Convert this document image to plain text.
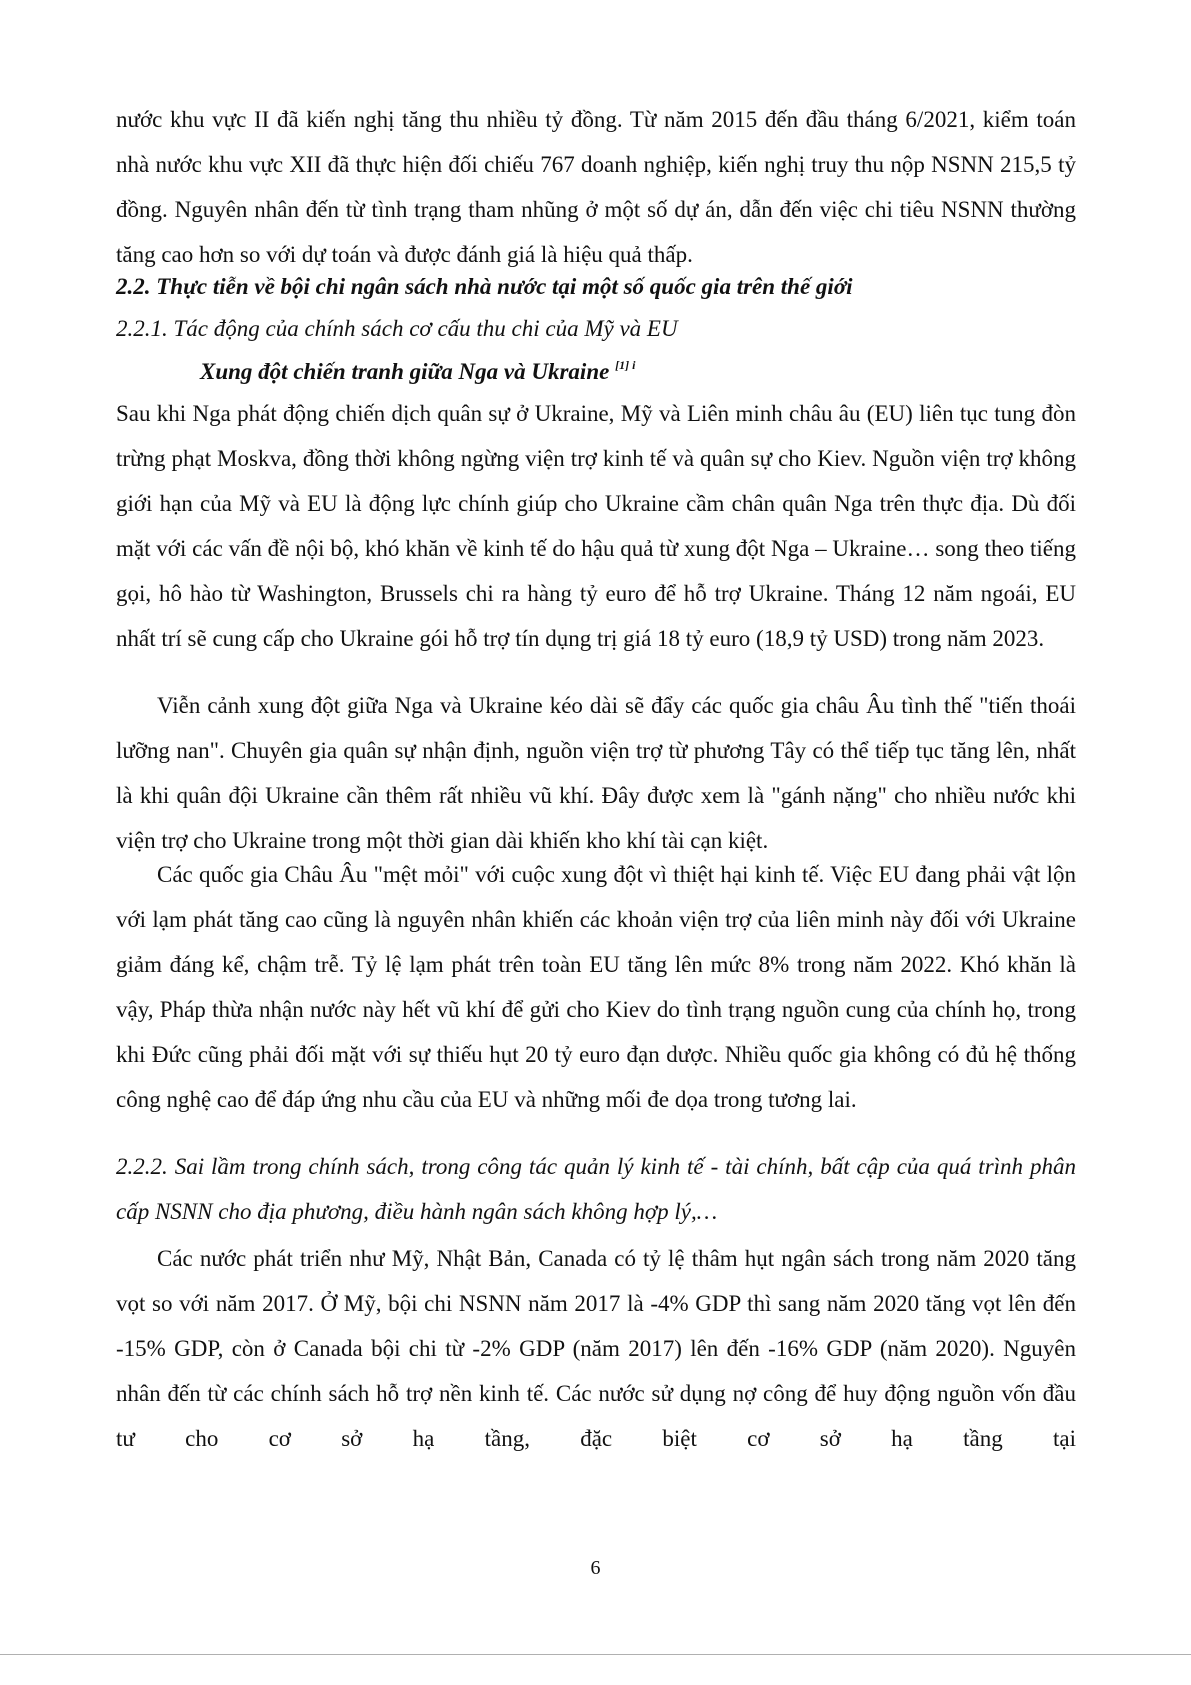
nước khu vực II đã kiến nghị tăng thu nhiều tỷ đồng. Từ năm 2015 đến đầu tháng 6/2021, kiểm toán nhà nước khu vực XII đã thực hiện đối chiếu 767 doanh nghiệp, kiến nghị truy thu nộp NSNN 215,5 tỷ đồng. Nguyên nhân đến từ tình trạng tham nhũng ở một số dự án, dẫn đến việc chi tiêu NSNN thường tăng cao hơn so với dự toán và được đánh giá là hiệu quả thấp.

2.2. Thực tiễn về bội chi ngân sách nhà nước tại một số quốc gia trên thế giới

2.2.1. Tác động của chính sách cơ cấu thu chi của Mỹ và EU

Xung đột chiến tranh giữa Nga và Ukraine $^{[1] i}$

Sau khi Nga phát động chiến dịch quân sự ở Ukraine, Mỹ và Liên minh châu âu (EU) liên tục tung đòn trừng phạt Moskva, đồng thời không ngừng viện trợ kinh tế và quân sự cho Kiev. Nguồn viện trợ không giới hạn của Mỹ và EU là động lực chính giúp cho Ukraine cầm chân quân Nga trên thực địa. Dù đối mặt với các vấn đề nội bộ, khó khăn về kinh tế do hậu quả từ xung đột Nga – Ukraine… song theo tiếng gọi, hô hào từ Washington, Brussels chi ra hàng tỷ euro để hỗ trợ Ukraine. Tháng 12 năm ngoái, EU nhất trí sẽ cung cấp cho Ukraine gói hỗ trợ tín dụng trị giá 18 tỷ euro (18,9 tỷ USD) trong năm 2023.

Viễn cảnh xung đột giữa Nga và Ukraine kéo dài sẽ đẩy các quốc gia châu Âu tình thế "tiến thoái lưỡng nan". Chuyên gia quân sự nhận định, nguồn viện trợ từ phương Tây có thể tiếp tục tăng lên, nhất là khi quân đội Ukraine cần thêm rất nhiều vũ khí. Đây được xem là "gánh nặng" cho nhiều nước khi viện trợ cho Ukraine trong một thời gian dài khiến kho khí tài cạn kiệt.

Các quốc gia Châu Âu "mệt mỏi" với cuộc xung đột vì thiệt hại kinh tế. Việc EU đang phải vật lộn với lạm phát tăng cao cũng là nguyên nhân khiến các khoản viện trợ của liên minh này đối với Ukraine giảm đáng kể, chậm trễ. Tỷ lệ lạm phát trên toàn EU tăng lên mức 8% trong năm 2022. Khó khăn là vậy, Pháp thừa nhận nước này hết vũ khí để gửi cho Kiev do tình trạng nguồn cung của chính họ, trong khi Đức cũng phải đối mặt với sự thiếu hụt 20 tỷ euro đạn dược. Nhiều quốc gia không có đủ hệ thống công nghệ cao để đáp ứng nhu cầu của EU và những mối đe dọa trong tương lai.

2.2.2. Sai lầm trong chính sách, trong công tác quản lý kinh tế - tài chính, bất cập của quá trình phân cấp NSNN cho địa phương, điều hành ngân sách không hợp lý,…

Các nước phát triển như Mỹ, Nhật Bản, Canada có tỷ lệ thâm hụt ngân sách trong năm 2020 tăng vọt so với năm 2017. Ở Mỹ, bội chi NSNN năm 2017 là -4% GDP thì sang năm 2020 tăng vọt lên đến -15% GDP, còn ở Canada bội chi từ -2% GDP (năm 2017) lên đến -16% GDP (năm 2020). Nguyên nhân đến từ các chính sách hỗ trợ nền kinh tế. Các nước sử dụng nợ công để huy động nguồn vốn đầu tư cho cơ sở hạ tầng, đặc biệt cơ sở hạ tầng tại

6
